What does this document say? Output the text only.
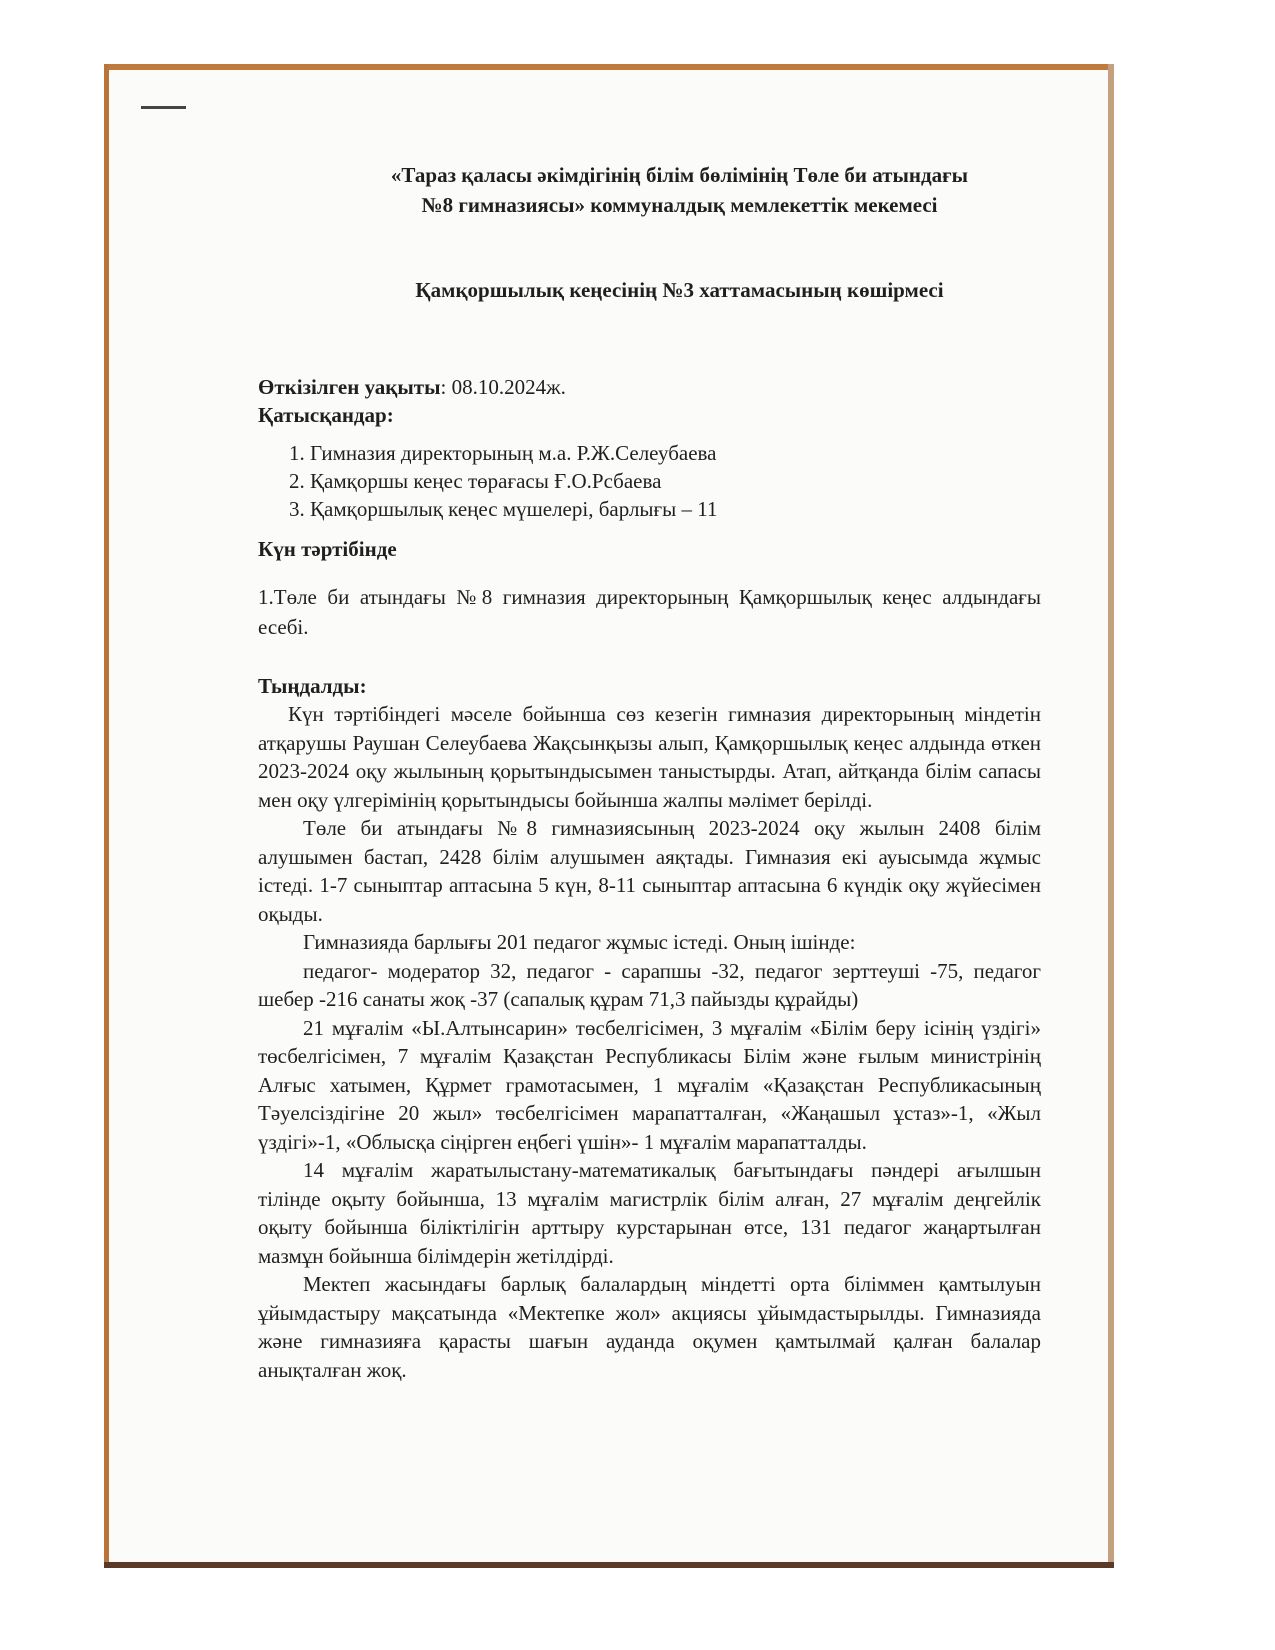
«Тараз қаласы әкімдігінің білім бөлімінің Төле би атындағы
№8 гимназиясы» коммуналдық мемлекеттік мекемесі
Қамқоршылық кеңесінің №3 хаттамасының көшірмесі
Өткізілген уақыты: 08.10.2024ж.
Қатысқандар:
1. Гимназия директорының м.а. Р.Ж.Селеубаева
2. Қамқоршы кеңес төрағасы Ғ.О.Рсбаева
3. Қамқоршылық кеңес мүшелері, барлығы – 11
Күн тәртібінде
1.Төле би атындағы №8 гимназия директорының Қамқоршылық кеңес алдындағы есебі.
Тыңдалды:

Күн тәртібіндегі мәселе бойынша сөз кезегін гимназия директорының міндетін атқарушы Раушан Селеубаева Жақсынқызы алып, Қамқоршылық кеңес алдында өткен 2023-2024 оқу жылының қорытындысымен таныстырды. Атап, айтқанда білім сапасы мен оқу үлгерімінің қорытындысы бойынша жалпы мәлімет берілді.

Төле би атындағы №8 гимназиясының 2023-2024 оқу жылын 2408 білім алушымен бастап, 2428 білім алушымен аяқтады. Гимназия екі ауысымда жұмыс істеді. 1-7 сыныптар аптасына 5 күн, 8-11 сыныптар аптасына 6 күндік оқу жүйесімен оқыды.

Гимназияда барлығы 201 педагог жұмыс істеді. Оның ішінде:

педагог- модератор 32, педагог - сарапшы -32, педагог зерттеуші -75, педагог шебер -216 санаты жоқ -37 (сапалық құрам 71,3 пайызды құрайды)

21 мұғалім «Ы.Алтынсарин» төсбелгісімен, 3 мұғалім «Білім беру ісінің үздігі» төсбелгісімен, 7 мұғалім Қазақстан Республикасы Білім және ғылым министрінің Алғыс хатымен, Құрмет грамотасымен, 1 мұғалім «Қазақстан Республикасының Тәуелсіздігіне 20 жыл» төсбелгісімен марапатталған, «Жаңашыл ұстаз»-1, «Жыл үздігі»-1, «Облысқа сіңірген еңбегі үшін»- 1 мұғалім марапатталды.

14 мұғалім жаратылыстану-математикалық бағытындағы пәндері ағылшын тілінде оқыту бойынша, 13 мұғалім магистрлік білім алған, 27 мұғалім деңгейлік оқыту бойынша біліктілігін арттыру курстарынан өтсе, 131 педагог жаңартылған мазмұн бойынша білімдерін жетілдірді.

Мектеп жасындағы барлық балалардың міндетті орта біліммен қамтылуын ұйымдастыру мақсатында «Мектепке жол» акциясы ұйымдастырылды. Гимназияда және гимназияға қарасты шағын ауданда оқумен қамтылмай қалған балалар анықталған жоқ.
